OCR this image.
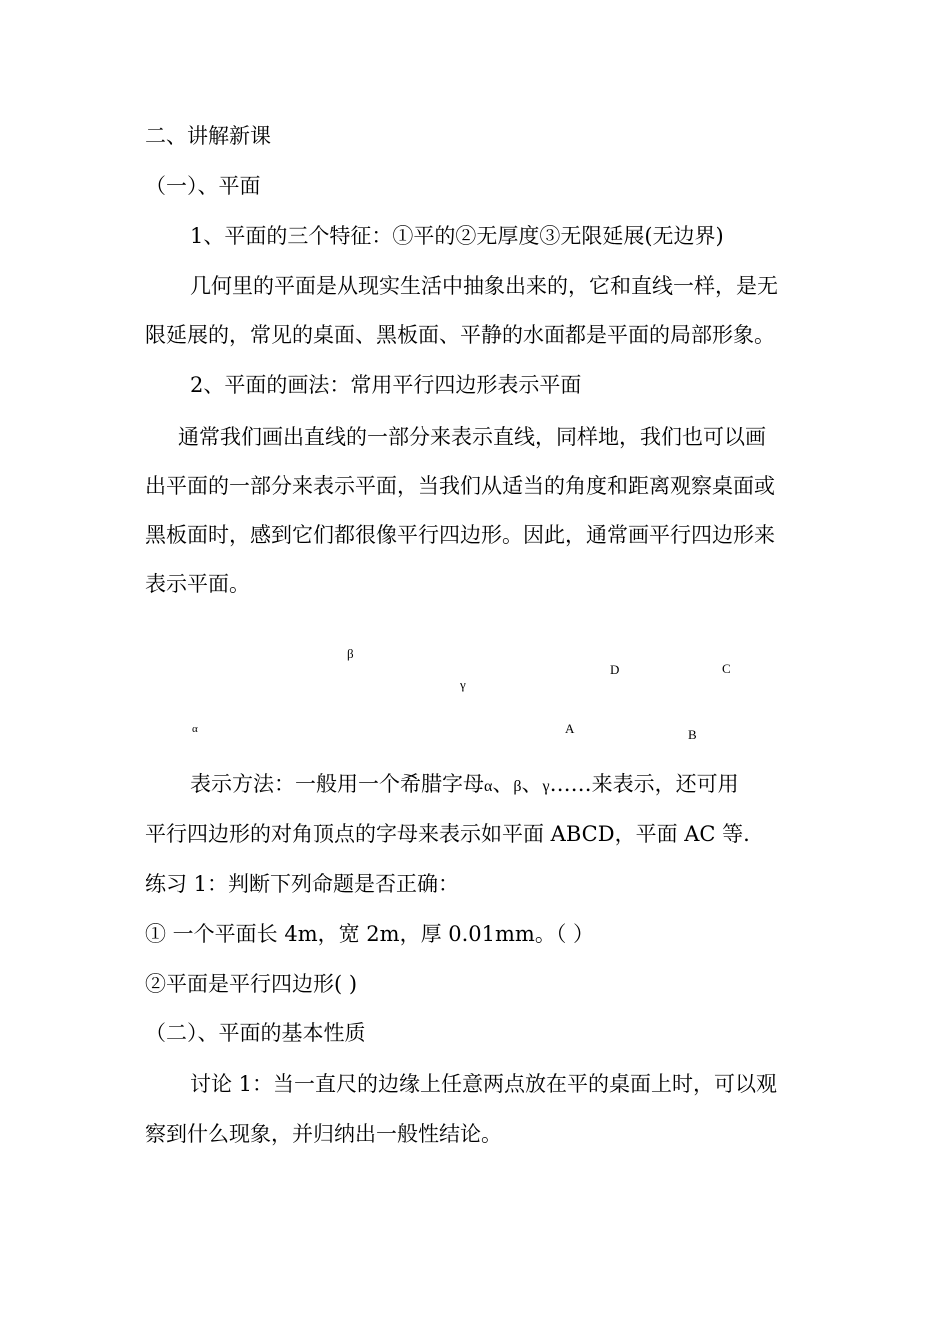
二、讲解新课
（一）、平面
1、平面的三个特征：①平的②无厚度③无限延展(无边界)
几何里的平面是从现实生活中抽象出来的，它和直线一样，是无
限延展的，常见的桌面、黑板面、平静的水面都是平面的局部形象。
2、平面的画法：常用平行四边形表示平面
通常我们画出直线的一部分来表示直线，同样地，我们也可以画
出平面的一部分来表示平面，当我们从适当的角度和距离观察桌面或
黑板面时，感到它们都很像平行四边形。因此，通常画平行四边形来
表示平面。
β
γ
α
D	C
A	B
表示方法：一般用一个希腊字母α、β、γ……来表示，还可用
平行四边形的对角顶点的字母来表示如平面 ABCD，平面 AC 等.
练习 1：判断下列命题是否正确：
① 一个平面长 4m，宽 2m，厚 0.01mm。（ ）
②平面是平行四边形( )
（二）、平面的基本性质
讨论 1：当一直尺的边缘上任意两点放在平的桌面上时，可以观
察到什么现象，并归纳出一般性结论。
